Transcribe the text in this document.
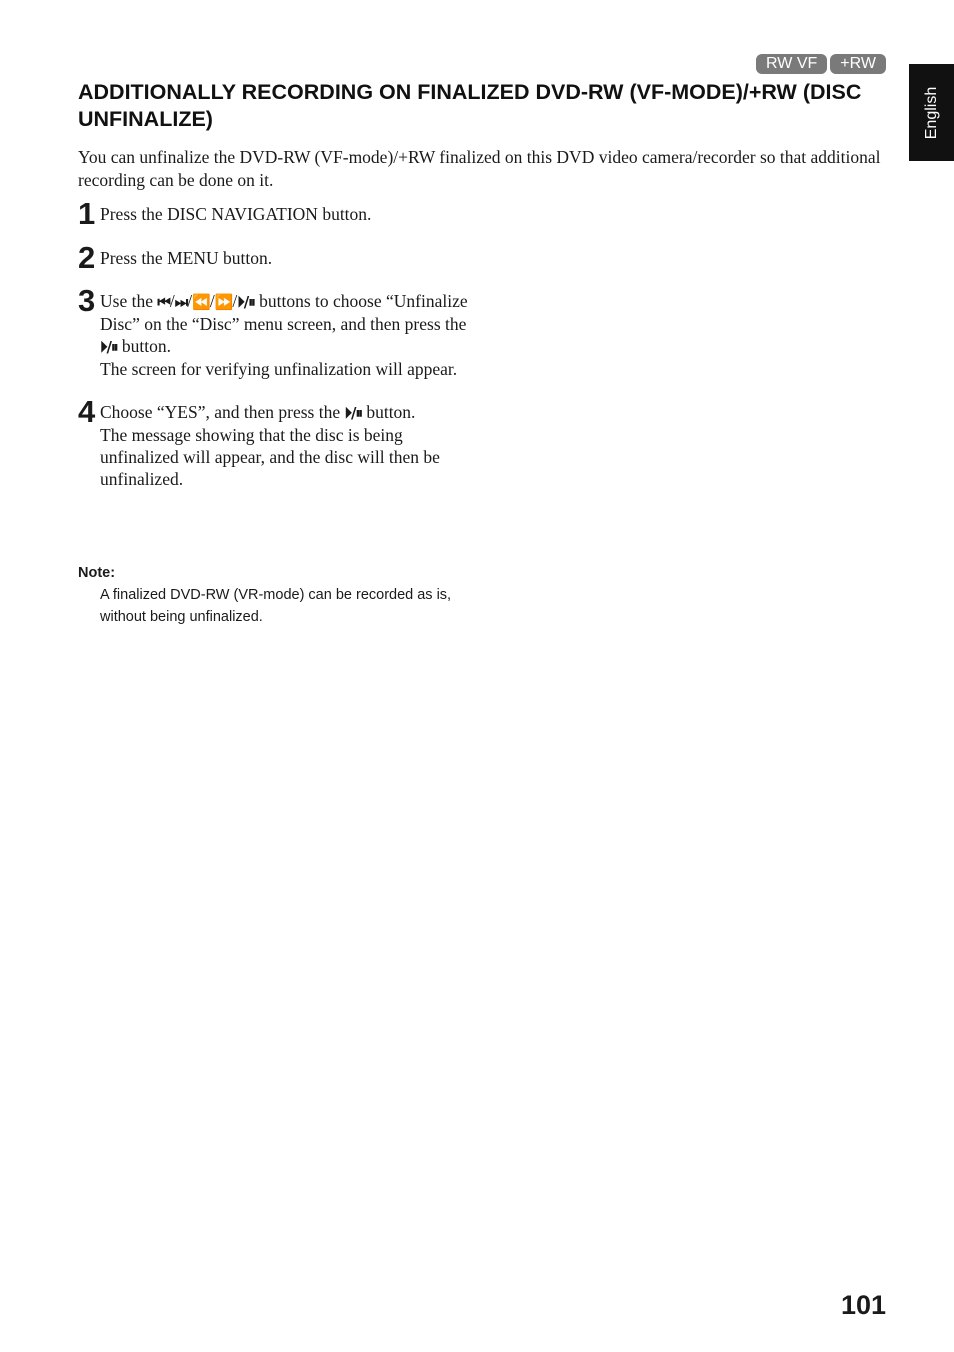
RW VF	+RW
English
ADDITIONALLY RECORDING ON FINALIZED DVD-RW (VF-MODE)/+RW (DISC UNFINALIZE)

You can unfinalize the DVD-RW (VF-mode)/+RW finalized on this DVD video camera/recorder so that additional recording can be done on it.

1 Press the DISC NAVIGATION button.

2 Press the MENU button.

3 Use the ⏮/⏭/⏪/⏩/⏵/⏸ buttons to choose “Unfinalize Disc” on the “Disc” menu screen, and then press the ⏵/⏸ button.

The screen for verifying unfinalization will appear.

4 Choose “YES”, and then press the ⏵/⏸ button.

The message showing that the disc is being unfinalized will appear, and the disc will then be unfinalized.

Note:

A finalized DVD-RW (VR-mode) can be recorded as is, without being unfinalized.

101
